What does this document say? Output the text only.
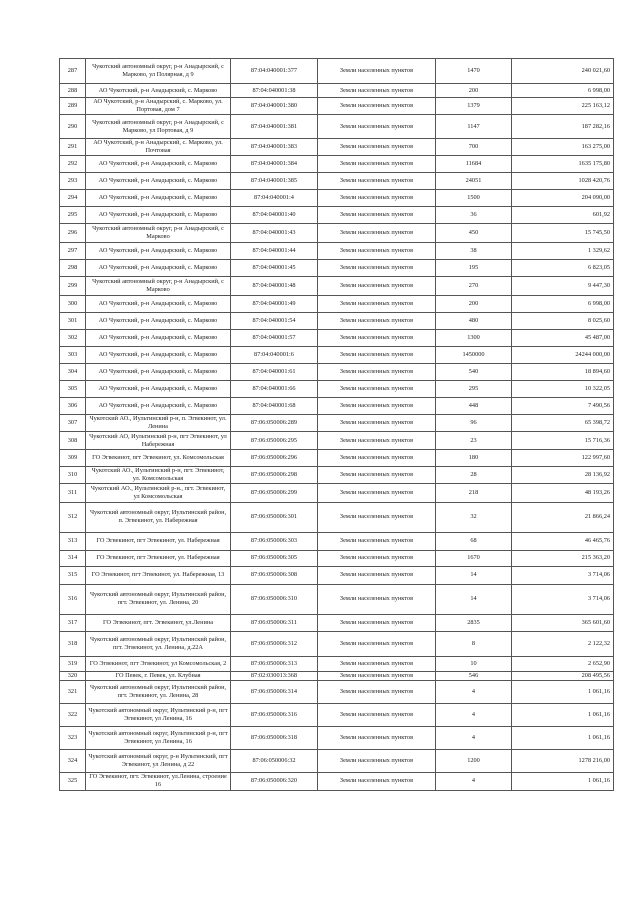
287	Чукотский автономный округ, р-н Анадырский, с Марково, ул Полярная, д 9	87:04:040001:377	Земли населенных пунктов	1470	240 021,60
288	АО Чукотский, р-н Анадырский, с. Марково	87:04:040001:38	Земли населенных пунктов	200	6 998,00
289	АО Чукотский, р-н Анадырский, с. Марково, ул. Портовая, дом 7	87:04:040001:380	Земли населенных пунктов	1379	225 163,12
290	Чукотский автономный округ, р-н Анадырский, с Марково, ул Портовая, д 9	87:04:040001:381	Земли населенных пунктов	1147	187 282,16
291	АО Чукотский, р-н Анадырский, с. Марково, ул. Почтовая	87:04:040001:383	Земли населенных пунктов	700	163 275,00
292	АО Чукотский, р-н Анадырский, с. Марково	87:04:040001:384	Земли населенных пунктов	11684	1635 175,80
293	АО Чукотский, р-н Анадырский, с. Марково	87:04:040001:385	Земли населенных пунктов	24051	1028 420,76
294	АО Чукотский, р-н Анадырский, с. Марково	87:04:040001:4	Земли населенных пунктов	1500	204 090,00
295	АО Чукотский, р-н Анадырский, с. Марково	87:04:040001:40	Земли населенных пунктов	36	601,92
296	Чукотский автономный округ, р-н Анадырский, с Марково	87:04:040001:43	Земли населенных пунктов	450	15 745,50
297	АО Чукотский, р-н Анадырский, с. Марково	87:04:040001:44	Земли населенных пунктов	38	1 329,62
298	АО Чукотский, р-н Анадырский, с. Марково	87:04:040001:45	Земли населенных пунктов	195	6 823,05
299	Чукотский автономный округ, р-н Анадырский, с Марково	87:04:040001:48	Земли населенных пунктов	270	9 447,30
300	АО Чукотский, р-н Анадырский, с. Марково	87:04:040001:49	Земли населенных пунктов	200	6 998,00
301	АО Чукотский, р-н Анадырский, с. Марково	87:04:040001:54	Земли населенных пунктов	480	8 025,60
302	АО Чукотский, р-н Анадырский, с. Марково	87:04:040001:57	Земли населенных пунктов	1300	45 487,00
303	АО Чукотский, р-н Анадырский, с. Марково	87:04:040001:6	Земли населенных пунктов	1450000	24244 000,00
304	АО Чукотский, р-н Анадырский, с. Марково	87:04:040001:61	Земли населенных пунктов	540	18 894,60
305	АО Чукотский, р-н Анадырский, с. Марково	87:04:040001:66	Земли населенных пунктов	295	10 322,05
306	АО Чукотский, р-н Анадырский, с. Марково	87:04:040001:68	Земли населенных пунктов	448	7 490,56
307	Чукотский АО., Иультинский р-н, п. Эгвекинот, ул. Ленина	87:06:050006:289	Земли населенных пунктов	96	65 398,72
308	Чукотский АО, Иультинский р-н, пгт Эгвекинот, ул Набережная	87:06:050006:295	Земли населенных пунктов	23	15 716,36
309	ГО Эгвекинот, пгт Эгвекинот, ул. Комсомольская	87:06:050006:296	Земли населенных пунктов	180	122 997,60
310	Чукотский АО., Иультинский р-н, пгт. Эгвекинот, ул. Комсомольская	87:06:050006:298	Земли населенных пунктов	28	28 136,92
311	Чукотский АО., Иультинский р-н., пгт. Эгвекинот, ул Комсомольская	87:06:050006:299	Земли населенных пунктов	218	48 193,26
312	Чукотский автономный округ, Иультинский район, п. Эгвекинот, ул. Набережная	87:06:050006:301	Земли населенных пунктов	32	21 866,24
313	ГО Эгвекинот, пгт Эгвекинот, ул. Набережная	87:06:050006:303	Земли населенных пунктов	68	46 465,76
314	ГО Эгвекинот, пгт Эгвекинот, ул. Набережная	87:06:050006:305	Земли населенных пунктов	1670	215 363,20
315	ГО Эгвекинот, пгт Эгвекинот, ул. Набережная, 13	87:06:050006:308	Земли населенных пунктов	14	3 714,06
316	Чукотский автономный округ, Иультинский район, пгт. Эгвекинот, ул. Ленина, 20	87:06:050006:310	Земли населенных пунктов	14	3 714,06
317	ГО Эгвекинот, пгт. Эгвекинот, ул.Ленина	87:06:050006:311	Земли населенных пунктов	2835	365 601,60
318	Чукотский автономный округ, Иультинский район, пгт. Эгвекинот, ул. Ленина, д.22А	87:06:050006:312	Земли населенных пунктов	8	2 122,32
319	ГО Эгвекинот, пгт Эгвекинот, ул Комсомольская, 2	87:06:050006:313	Земли населенных пунктов	10	2 652,90
320	ГО Певек, г. Певек, ул. Клубная	87:02:030013:368	Земли населенных пунктов	546	208 495,56
321	Чукотский автономный округ, Иультинский район, пгт. Эгвекинот, ул. Ленина, 28	87:06:050006:314	Земли населенных пунктов	4	1 061,16
322	Чукотский автономный округ, Иультинский р-н, пгт Эгвекинот, ул Ленина, 16	87:06:050006:316	Земли населенных пунктов	4	1 061,16
323	Чукотский автономный округ, Иультинский р-н, пгт Эгвекинот, ул Ленина, 16	87:06:050006:318	Земли населенных пунктов	4	1 061,16
324	Чукотский автономный округ, р-н Иультинский, пгт Эгвекинот, ул Ленина, д 22	87:06:050006:32	Земли населенных пунктов	1200	1278 216,00
325	ГО Эгвекинот, пгт. Эгвекинот, ул.Ленина, строение 16	87:06:050006:320	Земли населенных пунктов	4	1 061,16
